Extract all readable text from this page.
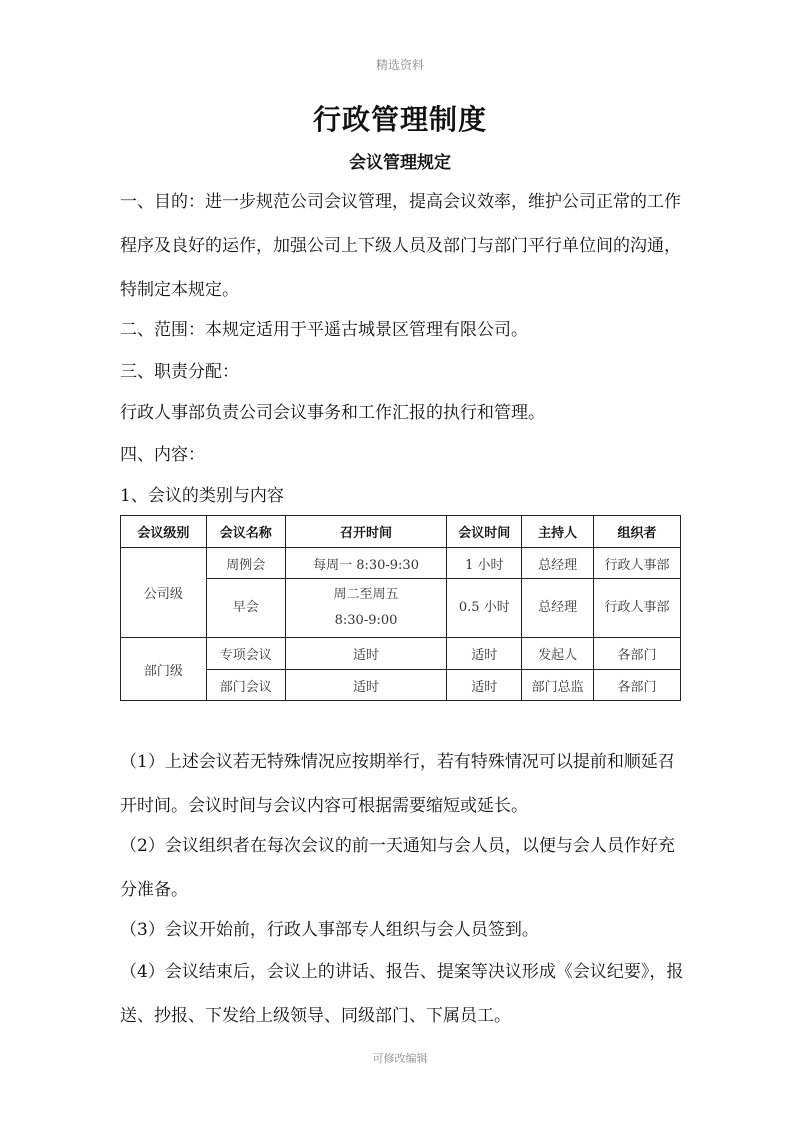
精选资料
行政管理制度
会议管理规定

一、目的：进一步规范公司会议管理，提高会议效率，维护公司正常的工作程序及良好的运作，加强公司上下级人员及部门与部门平行单位间的沟通，特制定本规定。

二、范围：本规定适用于平遥古城景区管理有限公司。

三、职责分配：

行政人事部负责公司会议事务和工作汇报的执行和管理。

四、内容：

1、会议的类别与内容

会议级别	会议名称	召开时间	会议时间	主持人	组织者
公司级	周例会	每周一 8:30-9:30	1 小时	总经理	行政人事部
	早会	周二至周五
8:30-9:00	0.5 小时	总经理	行政人事部
部门级	专项会议	适时	适时	发起人	各部门
	部门会议	适时	适时	部门总监	各部门

（1）上述会议若无特殊情况应按期举行，若有特殊情况可以提前和顺延召开时间。会议时间与会议内容可根据需要缩短或延长。

（2）会议组织者在每次会议的前一天通知与会人员，以便与会人员作好充分准备。

（3）会议开始前，行政人事部专人组织与会人员签到。

（4）会议结束后，会议上的讲话、报告、提案等决议形成《会议纪要》，报送、抄报、下发给上级领导、同级部门、下属员工。

可修改编辑
